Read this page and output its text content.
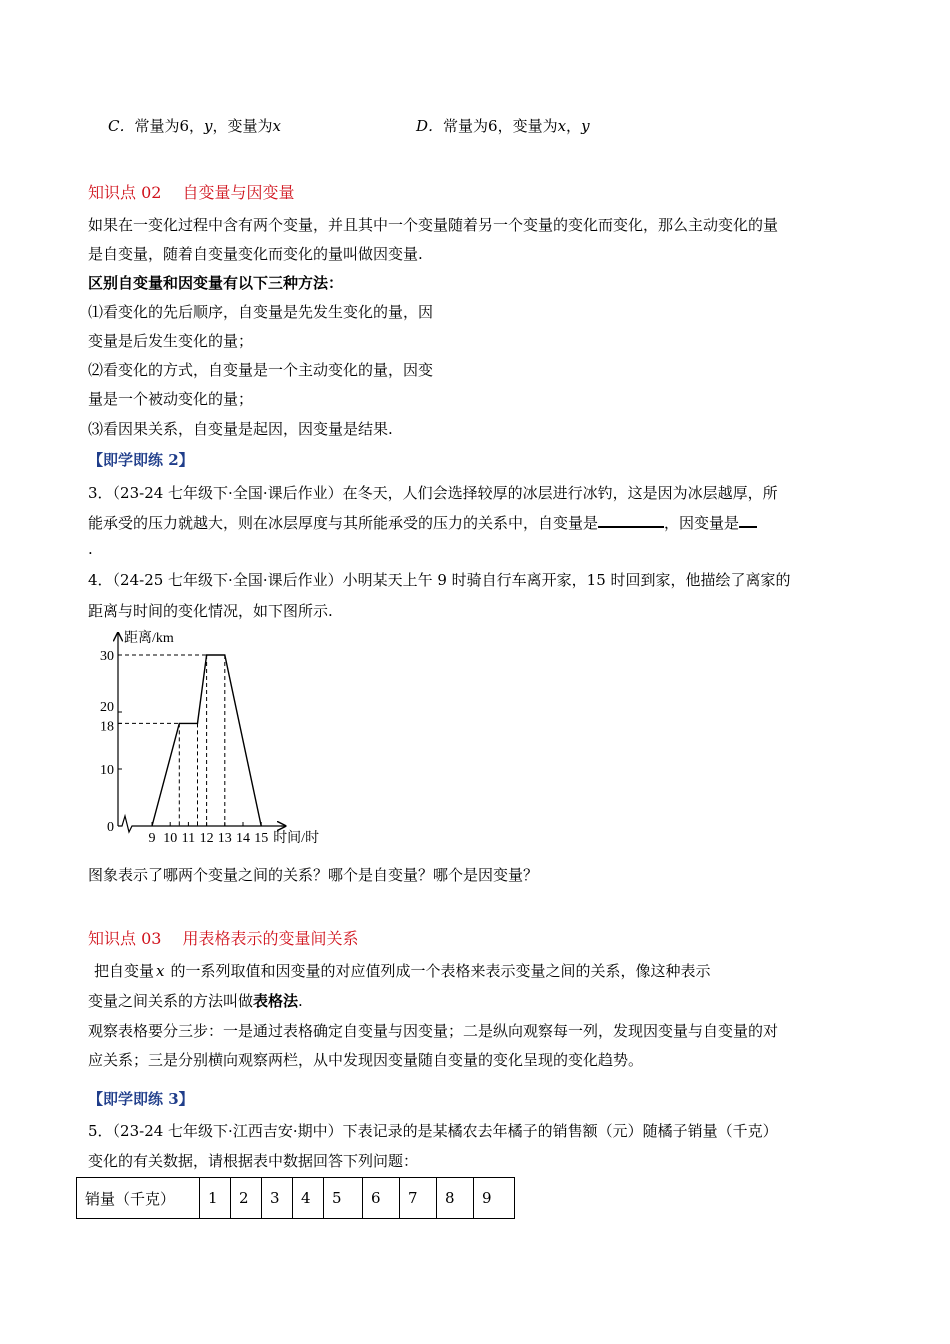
C．常量为6，y，变量为x	D．常量为6，变量为x，y
知识点 02　 自变量与因变量
如果在一变化过程中含有两个变量，并且其中一个变量随着另一个变量的变化而变化，那么主动变化的量
是自变量，随着自变量变化而变化的量叫做因变量.
区别自变量和因变量有以下三种方法：
⑴看变化的先后顺序，自变量是先发生变化的量，因
变量是后发生变化的量；
⑵看变化的方式，自变量是一个主动变化的量，因变
量是一个被动变化的量；
⑶看因果关系，自变量是起因，因变量是结果.
【即学即练 2】
3．（23-24 七年级下·全国·课后作业）在冬天，人们会选择较厚的冰层进行冰钓，这是因为冰层越厚，所
能承受的压力就越大，则在冰层厚度与其所能承受的压力的关系中，自变量是	，因变量是
.
4．（24-25 七年级下·全国·课后作业）小明某天上午 9 时骑自行车离开家，15 时回到家，他描绘了离家的
距离与时间的变化情况，如下图所示.
距离/km
时间/时
0
10
18
20
30
9 10 11 12 13 14 15
图象表示了哪两个变量之间的关系？哪个是自变量？哪个是因变量？
知识点 03　 用表格表示的变量间关系
把自变量 x 的一系列取值和因变量的对应值列成一个表格来表示变量之间的关系，像这种表示
变量之间关系的方法叫做表格法.
观察表格要分三步：一是通过表格确定自变量与因变量；二是纵向观察每一列，发现因变量与自变量的对
应关系；三是分别横向观察两栏，从中发现因变量随自变量的变化呈现的变化趋势。
【即学即练 3】
5．（23-24 七年级下·江西吉安·期中）下表记录的是某橘农去年橘子的销售额（元）随橘子销量（千克）
变化的有关数据，请根据表中数据回答下列问题：
销量（千克）	1	2	3	4	5	6	7	8	9
